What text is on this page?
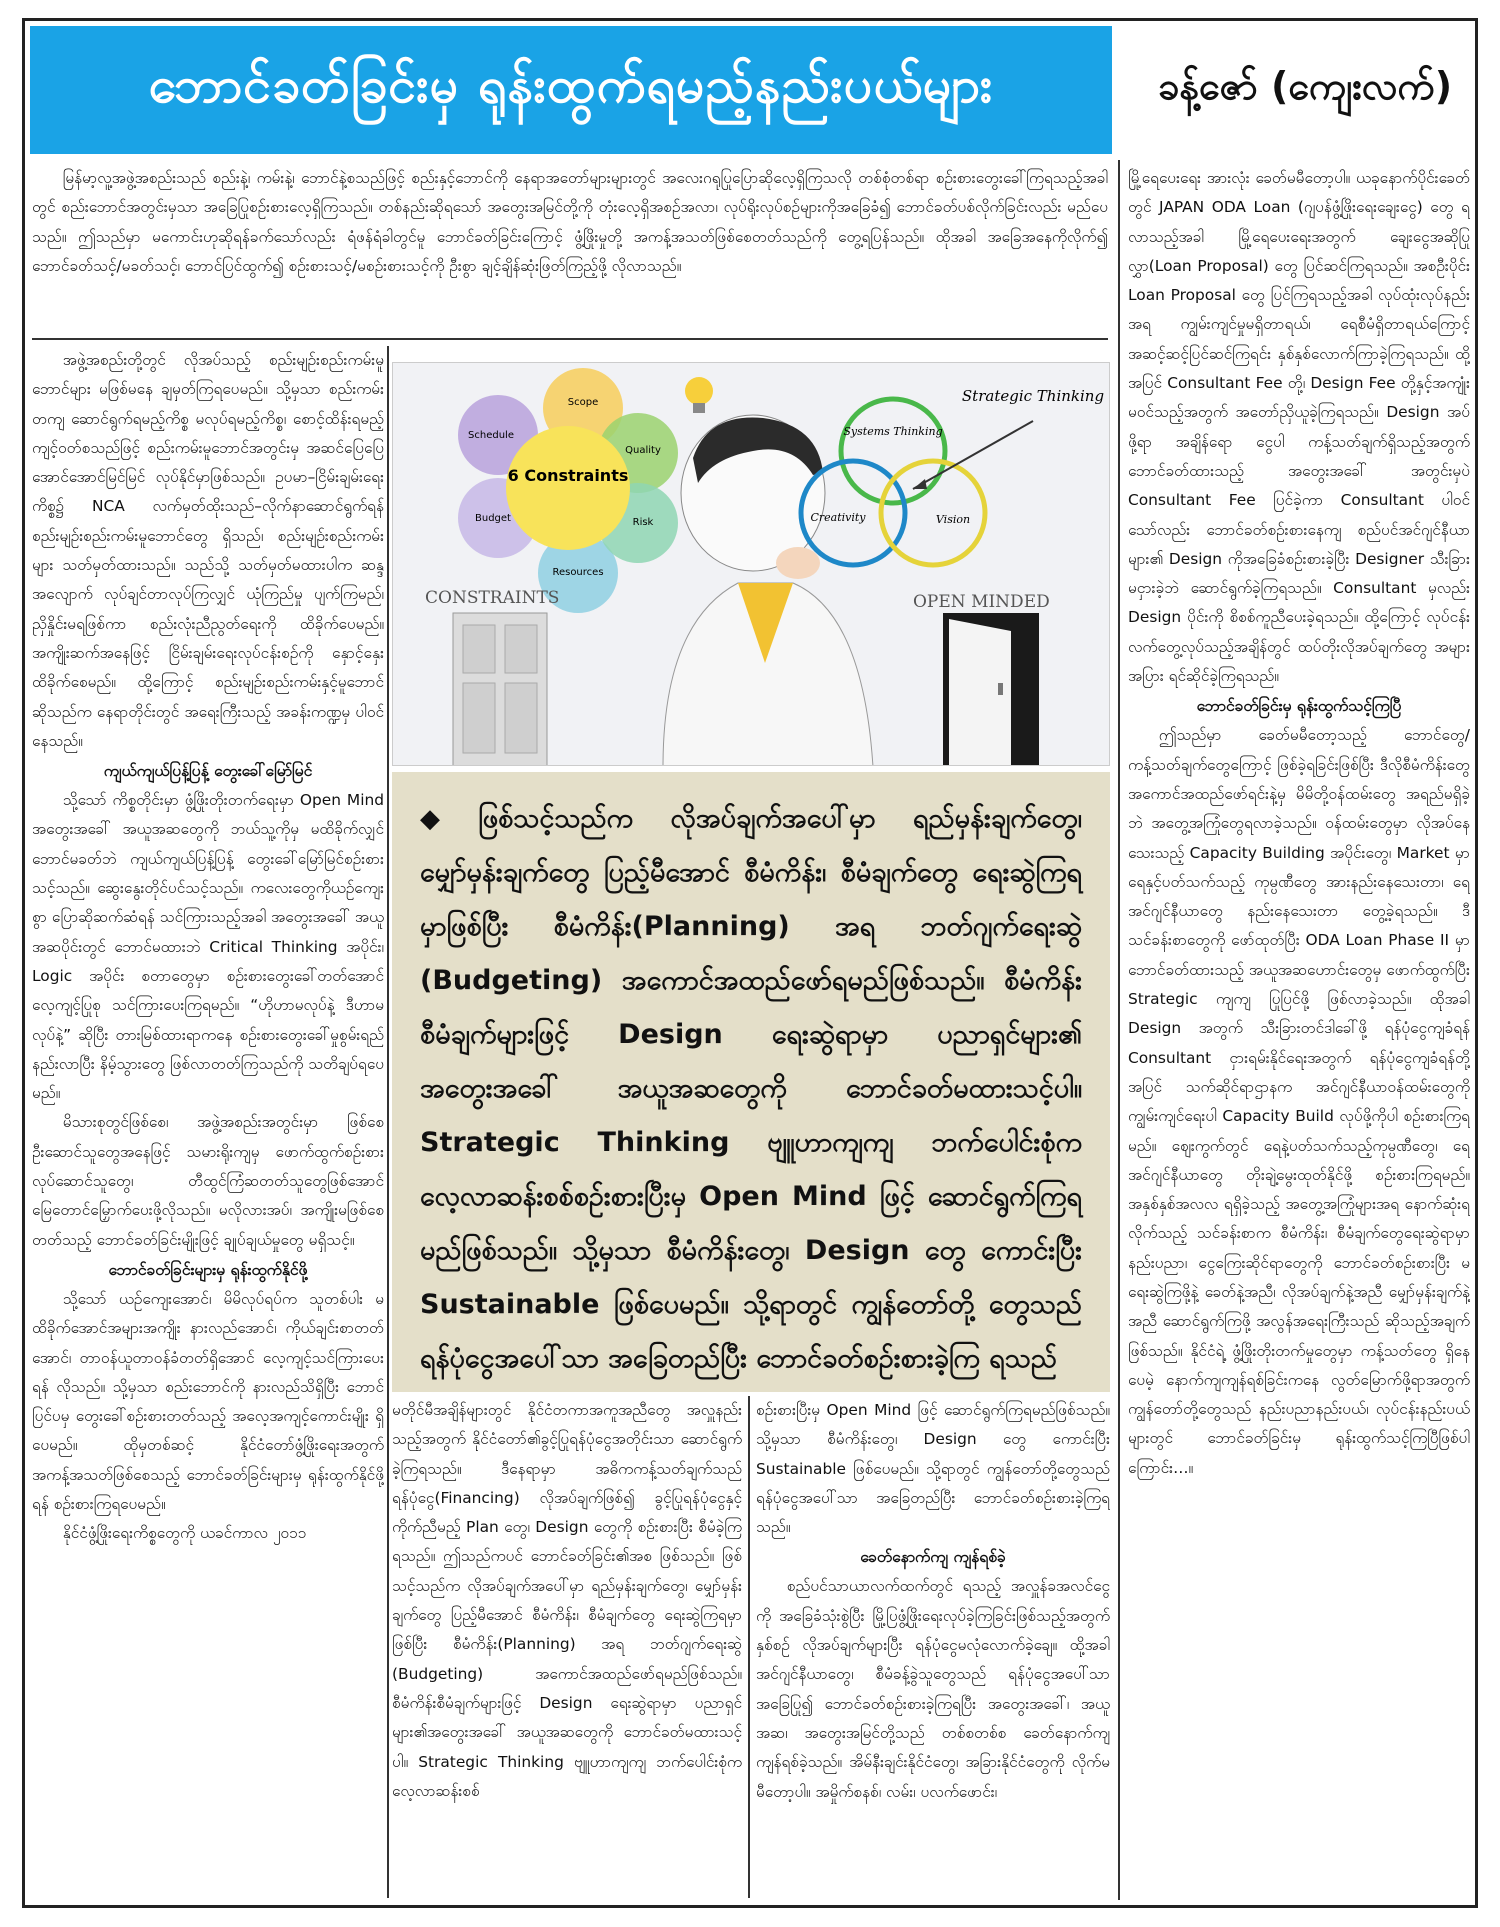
ဘောင်ခတ်ခြင်းမှ ရုန်းထွက်ရမည့်နည်းပယ်များ	ခန့်ဇော် (ကျေးလက်)

မြန်မာ့လူ့အဖွဲ့အစည်းသည် စည်းနဲ့၊ ကမ်းနဲ့၊ ဘောင်နဲ့စသည်ဖြင့် စည်းနှင့်ဘောင်ကို နေရာအတော်များများတွင် အလေးဂရုပြုပြောဆိုလေ့ရှိကြသလို တစ်စုံတစ်ရာ စဉ်းစားတွေးခေါ်ကြရသည့်အခါတွင် စည်းဘောင်အတွင်းမှသာ အခြေပြုစဉ်းစားလေ့ရှိကြသည်။ တစ်နည်းဆိုရသော် အတွေးအမြင်တို့ကို တုံးလေ့ရှိအစဉ်အလာ၊ လုပ်ရိုးလုပ်စဉ်များကိုအခြေခံ၍ ဘောင်ခတ်ပစ်လိုက်ခြင်းလည်း မည်ပေသည်။ ဤသည်မှာ မကောင်းဟုဆိုရန်ခက်သော်လည်း ရံဖန်ရံခါတွင်မူ ဘောင်ခတ်ခြင်းကြောင့် ဖွံ့ဖြိုးမှုတို့ အကန့်အသတ်ဖြစ်စေတတ်သည်ကို တွေ့ရပြန်သည်။ ထိုအခါ အခြေအနေကိုလိုက်၍ ဘောင်ခတ်သင့်/မခတ်သင့်၊ ဘောင်ပြင်ထွက်၍ စဉ်းစားသင့်/မစဉ်းစားသင့်ကို ဦးစွာ ချင့်ချိန်ဆုံးဖြတ်ကြည့်ဖို့ လိုလာသည်။

အဖွဲ့အစည်းတို့တွင် လိုအပ်သည့် စည်းမျဉ်းစည်းကမ်းမူဘောင်များ မဖြစ်မနေ ချမှတ်ကြရပေမည်။ သို့မှသာ စည်းကမ်းတကျ ဆောင်ရွက်ရမည့်ကိစ္စ မလုပ်ရမည့်ကိစ္စ၊ စောင့်ထိန်းရမည့်ကျင့်ဝတ်စသည်ဖြင့် စည်းကမ်းမူဘောင်အတွင်းမှ အဆင်ပြေပြေ အောင်အောင်မြင်မြင် လုပ်နိုင်မှာဖြစ်သည်။ ဥပမာ–ငြိမ်းချမ်းရေးကိစ္စ၌ NCA လက်မှတ်ထိုးသည်–လိုက်နာဆောင်ရွက်ရန် စည်းမျဉ်းစည်းကမ်းမူဘောင်တွေ ရှိသည်၊ စည်းမျဉ်းစည်းကမ်းများ သတ်မှတ်ထားသည်။ သည်သို့ သတ်မှတ်မထားပါက ဆန္ဒအလျောက် လုပ်ချင်တာလုပ်ကြလျှင် ယုံကြည်မှု ပျက်ကြမည်၊ ညှိနှိုင်းမရဖြစ်ကာ စည်းလုံးညီညွတ်ရေးကို ထိခိုက်ပေမည်။ အကျိုးဆက်အနေဖြင့် ငြိမ်းချမ်းရေးလုပ်ငန်းစဉ်ကို နှောင့်နှေးထိခိုက်စေမည်။ ထို့ကြောင့် စည်းမျဉ်းစည်းကမ်းနှင့်မူဘောင်ဆိုသည်က နေရာတိုင်းတွင် အရေးကြီးသည့် အခန်းကဏ္ဍမှ ပါဝင်နေသည်။

ကျယ်ကျယ်ပြန့်ပြန့် တွေးခေါ်မြော်မြင်

သို့သော် ကိစ္စတိုင်းမှာ ဖွံ့ဖြိုးတိုးတက်ရေးမှာ Open Mind အတွေးအခေါ် အယူအဆတွေကို ဘယ်သူ့ကိုမှ မထိခိုက်လျှင် ဘောင်မခတ်ဘဲ ကျယ်ကျယ်ပြန့်ပြန့် တွေးခေါ်မြော်မြင်စဉ်းစားသင့်သည်။ ဆွေးနွေးတိုင်ပင်သင့်သည်။ ကလေးတွေကိုယဉ်ကျေးစွာ ပြောဆိုဆက်ဆံရန် သင်ကြားသည့်အခါ အတွေးအခေါ် အယူအဆပိုင်းတွင် ဘောင်မထားဘဲ Critical Thinking အပိုင်း၊ Logic အပိုင်း စတာတွေမှာ စဉ်းစားတွေးခေါ်တတ်အောင် လေ့ကျင့်ပြုစု သင်ကြားပေးကြရမည်။ “ဟိုဟာမလုပ်နဲ့ ဒီဟာမလုပ်နဲ့” ဆိုပြီး တားမြစ်ထားရာကနေ စဉ်းစားတွေးခေါ်မှုစွမ်းရည် နည်းလာပြီး နိမ့်သွားတွေ ဖြစ်လာတတ်ကြသည်ကို သတိချပ်ရပေမည်။

မိသားစုတွင်ဖြစ်စေ၊ အဖွဲ့အစည်းအတွင်းမှာ ဖြစ်စေ ဦးဆောင်သူတွေအနေဖြင့် သမားရိုးကျမှ ဖောက်ထွက်စဉ်းစားလုပ်ဆောင်သူတွေ၊ တီထွင်ကြံဆတတ်သူတွေဖြစ်အောင် မြေတောင်မြှောက်ပေးဖို့လိုသည်။ မလိုလားအပ်၊ အကျိုးမဖြစ်စေတတ်သည့် ဘောင်ခတ်ခြင်းမျိုးဖြင့် ချုပ်ချယ်မှုတွေ မရှိသင့်။

ဘောင်ခတ်ခြင်းများမှ ရုန်းထွက်နိုင်ဖို့

သို့သော် ယဉ်ကျေးအောင်၊ မိမိလုပ်ရပ်က သူတစ်ပါး မထိခိုက်အောင်အများအကျိုး နားလည်အောင်၊ ကိုယ်ချင်းစာတတ်အောင်၊ တာဝန်ယူတာဝန်ခံတတ်ရှိအောင် လေ့ကျင့်သင်ကြားပေးရန် လိုသည်။ သို့မှသာ စည်းဘောင်ကို နားလည်သိရှိပြီး ဘောင်ပြင်ပမှ တွေးခေါ်စဉ်းစားတတ်သည့် အလေ့အကျင့်ကောင်းမျိုး ရှိပေမည်။ ထိုမှတစ်ဆင့် နိုင်ငံတော်ဖွံ့ဖြိုးရေးအတွက် အကန့်အသတ်ဖြစ်စေသည့် ဘောင်ခတ်ခြင်းများမှ ရုန်းထွက်နိုင်ဖို့ရန် စဉ်းစားကြရပေမည်။

နိုင်ငံဖွံ့ဖြိုးရေးကိစ္စတွေကို ယခင်ကာလ ၂၀၁၁

6 Constraints
Scope
Quality
Risk
Resources
Budget
Schedule
CONSTRAINTS
Systems Thinking
Creativity	Vision
Strategic Thinking
OPEN MINDED

◆ ဖြစ်သင့်သည်က လိုအပ်ချက်အပေါ်မှာ ရည်မှန်းချက်တွေ၊ မျှော်မှန်းချက်တွေ ပြည့်မီအောင် စီမံကိန်း၊ စီမံချက်တွေ ရေးဆွဲကြရမှာဖြစ်ပြီး စီမံကိန်း(Planning) အရ ဘတ်ဂျက်ရေးဆွဲ (Budgeting) အကောင်အထည်ဖော်ရမည်ဖြစ်သည်။ စီမံကိန်းစီမံချက်များဖြင့် Design ရေးဆွဲရာမှာ ပညာရှင်များ၏ အတွေးအခေါ် အယူအဆတွေကို ဘောင်ခတ်မထားသင့်ပါ။ Strategic Thinking ဗျူဟာကျကျ ဘက်ပေါင်းစုံက လေ့လာဆန်းစစ်စဉ်းစားပြီးမှ Open Mind ဖြင့် ဆောင်ရွက်ကြရမည်ဖြစ်သည်။ သို့မှသာ စီမံကိန်းတွေ၊ Design တွေ ကောင်းပြီး Sustainable ဖြစ်ပေမည်။ သို့ရာတွင် ကျွန်တော်တို့ တွေသည် ရန်ပုံငွေအပေါ်သာ အခြေတည်ပြီး ဘောင်ခတ်စဉ်းစားခဲ့ကြ ရသည်

မတိုင်မီအချိန်များတွင် နိုင်ငံတကာအကူအညီတွေ အလှူနည်းသည့်အတွက် နိုင်ငံတော်၏ခွင့်ပြုရန်ပုံငွေအတိုင်းသာ ဆောင်ရွက်ခဲ့ကြရသည်။ ဒီနေရာမှာ အဓိကကန့်သတ်ချက်သည် ရန်ပုံငွေ(Financing) လိုအပ်ချက်ဖြစ်၍ ခွင့်ပြုရန်ပုံငွေနှင့် ကိုက်ညီမည့် Plan တွေ၊ Design တွေကို စဉ်းစားပြီး စီမံခဲ့ကြရသည်။ ဤသည်ကပင် ဘောင်ခတ်ခြင်း၏အစ ဖြစ်သည်။ ဖြစ်သင့်သည်က လိုအပ်ချက်အပေါ်မှာ ရည်မှန်းချက်တွေ၊ မျှော်မှန်းချက်တွေ ပြည့်မီအောင် စီမံကိန်း၊ စီမံချက်တွေ ရေးဆွဲကြရမှာဖြစ်ပြီး စီမံကိန်း(Planning) အရ ဘတ်ဂျက်ရေးဆွဲ (Budgeting) အကောင်အထည်ဖော်ရမည်ဖြစ်သည်။ စီမံကိန်းစီမံချက်များဖြင့် Design ရေးဆွဲရာမှာ ပညာရှင်များ၏အတွေးအခေါ် အယူအဆတွေကို ဘောင်ခတ်မထားသင့်ပါ။ Strategic Thinking ဗျူဟာကျကျ ဘက်ပေါင်းစုံက လေ့လာဆန်းစစ်

စဉ်းစားပြီးမှ Open Mind ဖြင့် ဆောင်ရွက်ကြရမည်ဖြစ်သည်။ သို့မှသာ စီမံကိန်းတွေ၊ Design တွေ ကောင်းပြီး Sustainable ဖြစ်ပေမည်။ သို့ရာတွင် ကျွန်တော်တို့တွေသည် ရန်ပုံငွေအပေါ်သာ အခြေတည်ပြီး ဘောင်ခတ်စဉ်းစားခဲ့ကြရသည်။

ခေတ်နောက်ကျ ကျန်ရစ်ခဲ့

စည်ပင်သာယာလက်ထက်တွင် ရသည့် အလှူန်ခအလင်ငွေကို အခြေခံသုံးစွဲပြီး မြို့ပြဖွံ့ဖြိုးရေးလုပ်ခဲ့ကြခြင်းဖြစ်သည့်အတွက် နှစ်စဉ် လိုအပ်ချက်များပြီး ရန်ပုံငွေမလုံလောက်ခဲ့ချေ။ ထို့အခါ အင်ဂျင်နီယာတွေ၊ စီမံခန့်ခွဲသူတွေသည် ရန်ပုံငွေအပေါ်သာအခြေပြု၍ ဘောင်ခတ်စဉ်းစားခဲ့ကြရပြီး အတွေးအခေါ်၊ အယူအဆ၊ အတွေးအမြင်တို့သည် တစ်စတစ်စ ခေတ်နောက်ကျ ကျန်ရစ်ခဲ့သည်။ အိမ်နီးချင်းနိုင်ငံတွေ၊ အခြားနိုင်ငံတွေကို လိုက်မမီတော့ပါ။ အမှိုက်စနစ်၊ လမ်း၊ ပလက်ဖောင်း၊

မြို့ရေပေးရေး အားလုံး ခေတ်မမီတော့ပါ။ ယခုနောက်ပိုင်းခေတ်တွင် JAPAN ODA Loan (ဂျပန်ဖွံ့ဖြိုးရေးချေးငွေ) တွေ ရလာသည့်အခါ မြို့ရေပေးရေးအတွက် ချေးငွေအဆိုပြုလွှာ(Loan Proposal) တွေ ပြင်ဆင်ကြရသည်။ အစဦးပိုင်း Loan Proposal တွေ ပြင်ကြရသည့်အခါ လုပ်ထုံးလုပ်နည်းအရ ကျွမ်းကျင်မှုမရှိတာရယ်၊ ရေစီမံရှိတာရယ်ကြောင့် အဆင့်ဆင့်ပြင်ဆင်ကြရင်း နှစ်နှစ်လောက်ကြာခဲ့ကြရသည်။ ထို့အပြင် Consultant Fee တို့၊ Design Fee တို့နှင့်အကျုံးမဝင်သည့်အတွက် အတော်ညှိယူခဲ့ကြရသည်။ Design အပ်ဖို့ရာ အချိန်ရော ငွေပါ ကန့်သတ်ချက်ရှိသည့်အတွက် ဘောင်ခတ်ထားသည့် အတွေးအခေါ် အတွင်းမှပဲ Consultant Fee ပြင်ခဲ့ကာ Consultant ပါဝင်သော်လည်း ဘောင်ခတ်စဉ်းစားနေကျ စည်ပင်အင်ဂျင်နီယာများ၏ Design ကိုအခြေခံစဉ်းစားခဲ့ပြီး Designer သီးခြားမငှားခဲ့ဘဲ ဆောင်ရွက်ခဲ့ကြရသည်။ Consultant မှလည်း Design ပိုင်းကို စိစစ်ကူညီပေးခဲ့ရသည်။ ထို့ကြောင့် လုပ်ငန်း လက်တွေ့လုပ်သည့်အချိန်တွင် ထပ်တိုးလိုအပ်ချက်တွေ အများအပြား ရင်ဆိုင်ခဲ့ကြရသည်။

ဘောင်ခတ်ခြင်းမှ ရုန်းထွက်သင့်ကြပြီ

ဤသည်မှာ ခေတ်မမီတော့သည့် ဘောင်တွေ/ ကန့်သတ်ချက်တွေကြောင့် ဖြစ်ခဲ့ရခြင်းဖြစ်ပြီး ဒီလိုစီမံကိန်းတွေ အကောင်အထည်ဖော်ရင်းနဲ့မှ မိမိတို့ဝန်ထမ်းတွေ အရည်မရှိခဲ့ဘဲ အတွေ့အကြုံတွေရလာခဲ့သည်။ ဝန်ထမ်းတွေမှာ လိုအပ်နေသေးသည့် Capacity Building အပိုင်းတွေ၊ Market မှာရေနှင့်ပတ်သက်သည့် ကုမ္ပဏီတွေ အားနည်းနေသေးတာ၊ ရေအင်ဂျင်နီယာတွေ နည်းနေသေးတာ တွေ့ခဲ့ရသည်။ ဒီသင်ခန်းစာတွေကို ဖော်ထုတ်ပြီး ODA Loan Phase II မှာ ဘောင်ခတ်ထားသည့် အယူအဆဟောင်းတွေမှ ဖောက်ထွက်ပြီး Strategic ကျကျ ပြုပြင်ဖို့ ဖြစ်လာခဲ့သည်။ ထိုအခါ Design အတွက် သီးခြားတင်ဒါခေါ်ဖို့ ရန်ပုံငွေကျခံရန် Consultant ငှားရမ်းနိုင်ရေးအတွက် ရန်ပုံငွေကျခံရန်တို့အပြင် သက်ဆိုင်ရာဌာနက အင်ဂျင်နီယာဝန်ထမ်းတွေကို ကျွမ်းကျင်ရေးပါ Capacity Build လုပ်ဖို့ကိုပါ စဉ်းစားကြရမည်။ ဈေးကွက်တွင် ရေနဲ့ပတ်သက်သည့်ကုမ္ပဏီတွေ၊ ရေအင်ဂျင်နီယာတွေ တိုးချဲ့မွေးထုတ်နိုင်ဖို့ စဉ်းစားကြရမည်။ အနှစ်နှစ်အလလ ရရှိခဲ့သည့် အတွေ့အကြုံများအရ နောက်ဆုံးရလိုက်သည့် သင်ခန်းစာက စီမံကိန်း၊ စီမံချက်တွေရေးဆွဲရာမှာ နည်းပညာ၊ ငွေကြေးဆိုင်ရာတွေကို ဘောင်ခတ်စဉ်းစားပြီး မရေးဆွဲကြဖို့နဲ့ ခေတ်နဲ့အညီ၊ လိုအပ်ချက်နဲ့အညီ မျှော်မှန်းချက်နဲ့အညီ ဆောင်ရွက်ကြဖို့ အလွန်အရေးကြီးသည် ဆိုသည့်အချက်ဖြစ်သည်။ နိုင်ငံရဲ့ ဖွံ့ဖြိုးတိုးတက်မှုတွေမှာ ကန့်သတ်တွေ ရှိနေပေမဲ့ နောက်ကျကျန်ရစ်ခြင်းကနေ လွတ်မြောက်ဖို့ရာအတွက် ကျွန်တော်တို့တွေသည် နည်းပညာနည်းပယ်၊ လုပ်ငန်းနည်းပယ်များတွင် ဘောင်ခတ်ခြင်းမှ ရုန်းထွက်သင့်ကြပြီဖြစ်ပါကြောင်း…။
